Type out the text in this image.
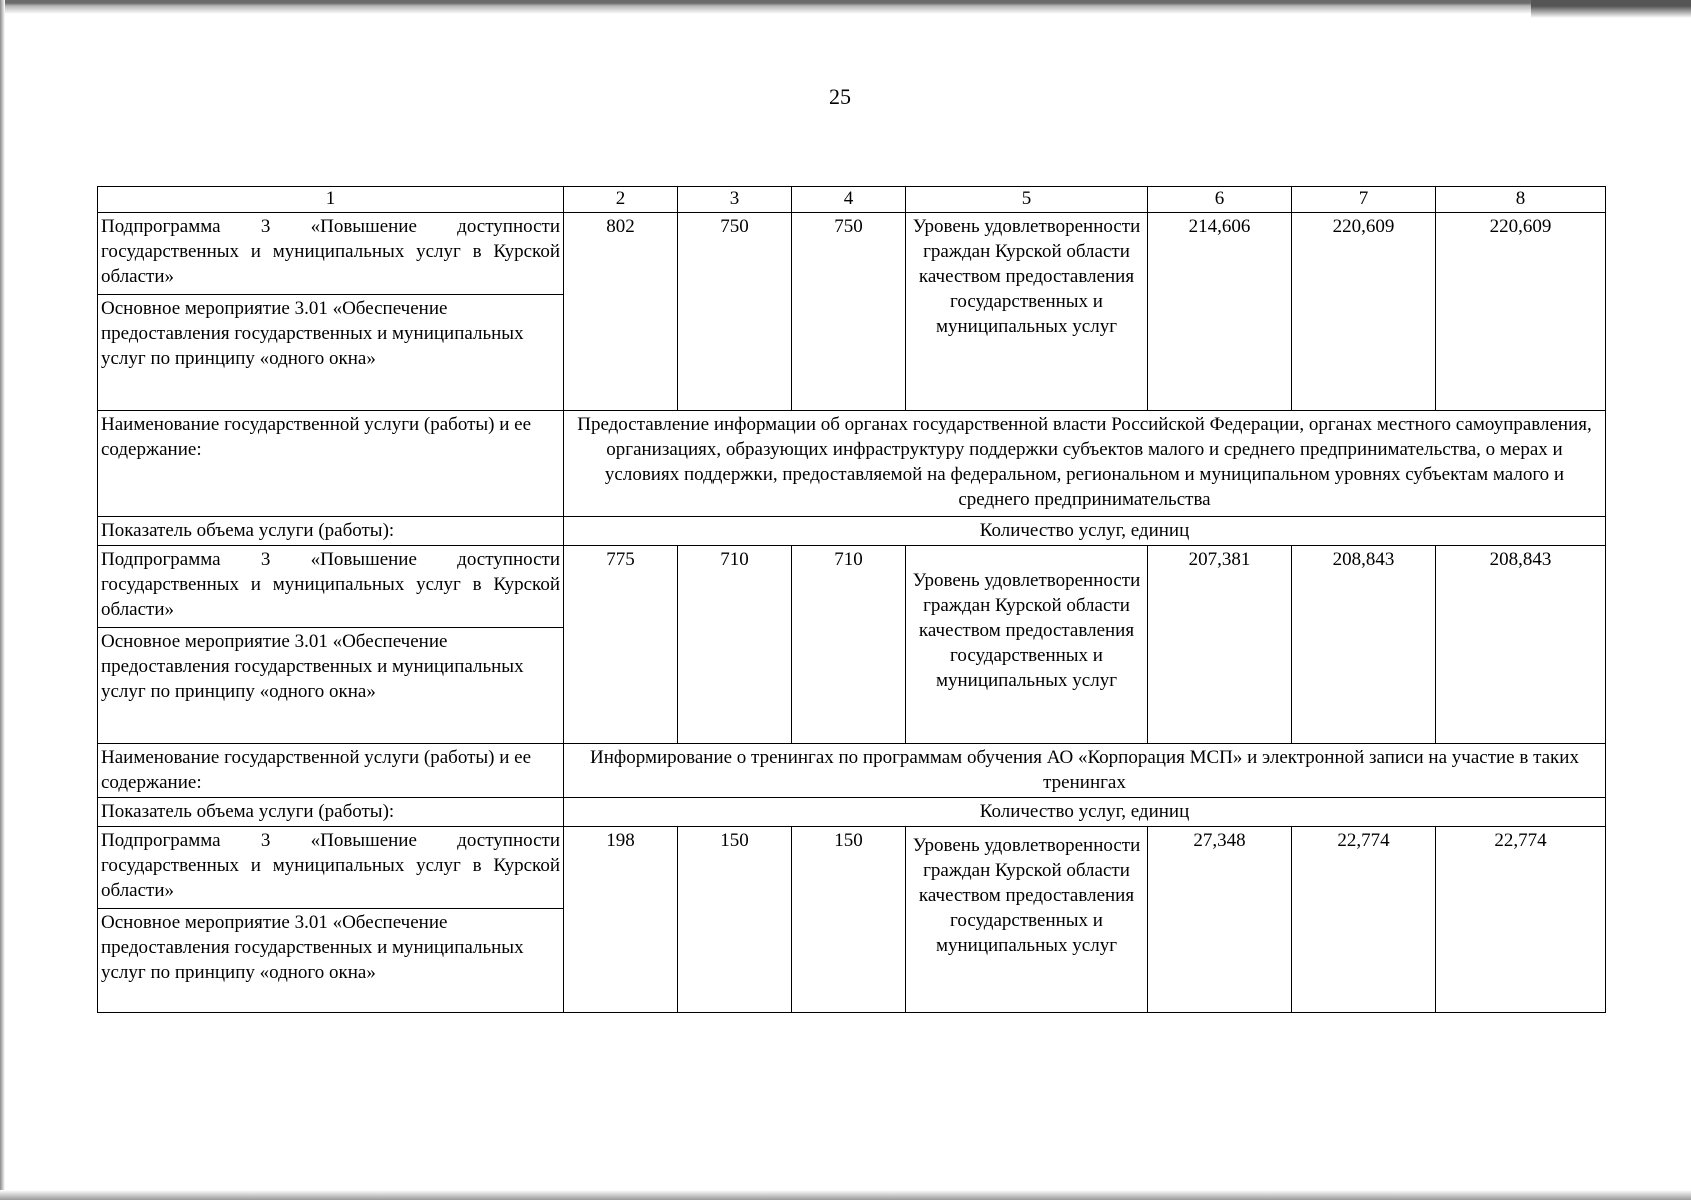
25
1	2	3	4	5	6	7	8
Подпрограмма 3 «Повышение доступности государственных и муниципальных услуг в Курской области»	802	750	750	Уровень удовлетворенности граждан Курской области качеством предоставления государственных и муниципальных услуг	214,606	220,609	220,609
Основное мероприятие 3.01 «Обеспечение предоставления государственных и муниципальных услуг по принципу «одного окна»							
Наименование государственной услуги (работы) и ее содержание:	Предоставление информации об органах государственной власти Российской Федерации, органах местного самоуправления, организациях, образующих инфраструктуру поддержки субъектов малого и среднего предпринимательства, о мерах и условиях поддержки, предоставляемой на федеральном, региональном и муниципальном уровнях субъектам малого и среднего предпринимательства						
Показатель объема услуги (работы):	Количество услуг, единиц						
Подпрограмма 3 «Повышение доступности государственных и муниципальных услуг в Курской области»	775	710	710	Уровень удовлетворенности граждан Курской области качеством предоставления государственных и муниципальных услуг	207,381	208,843	208,843
Основное мероприятие 3.01 «Обеспечение предоставления государственных и муниципальных услуг по принципу «одного окна»							
Наименование государственной услуги (работы) и ее содержание:	Информирование о тренингах по программам обучения АО «Корпорация МСП» и электронной записи на участие в таких тренингах						
Показатель объема услуги (работы):	Количество услуг, единиц						
Подпрограмма 3 «Повышение доступности государственных и муниципальных услуг в Курской области»	198	150	150	Уровень удовлетворенности граждан Курской области качеством предоставления государственных и муниципальных услуг	27,348	22,774	22,774
Основное мероприятие 3.01 «Обеспечение предоставления государственных и муниципальных услуг по принципу «одного окна»							
